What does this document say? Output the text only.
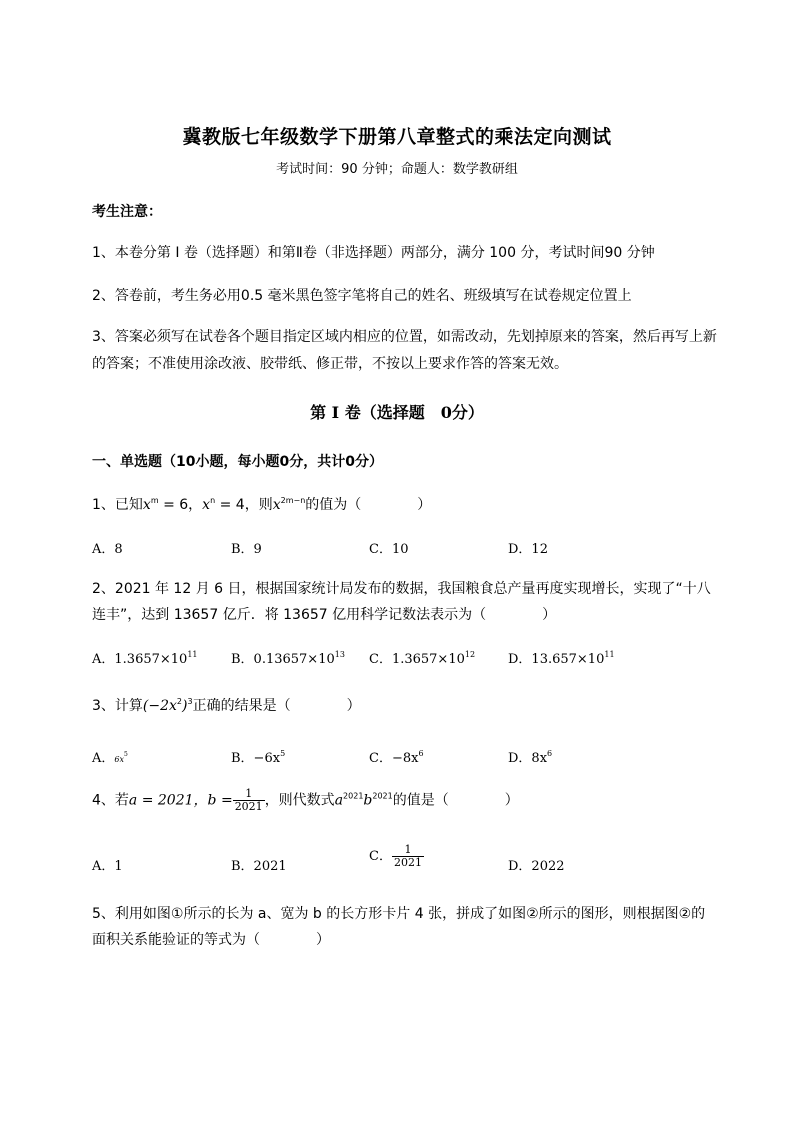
冀教版七年级数学下册第八章整式的乘法定向测试
考试时间：90 分钟；命题人：数学教研组
考生注意：
1、本卷分第 I 卷（选择题）和第Ⅱ卷（非选择题）两部分，满分 100 分，考试时间90 分钟
2、答卷前，考生务必用0.5 毫米黑色签字笔将自己的姓名、班级填写在试卷规定位置上
3、答案必须写在试卷各个题目指定区域内相应的位置，如需改动，先划掉原来的答案，然后再写上新
的答案；不准使用涂改液、胶带纸、修正带，不按以上要求作答的答案无效。
第 I 卷（选择题　0分）
一、单选题（10小题，每小题0分，共计0分）
1、已知$x^m = 6$，$x^n = 4$，则$x^{2m-n}$的值为（　　　　）
A．8	B．9	C．10	D．12
2、2021 年 12 月 6 日，根据国家统计局发布的数据，我国粮食总产量再度实现增长，实现了“十八
连丰”，达到 13657 亿斤．将 13657 亿用科学记数法表示为（　　　　）
A．$1.3657\times 10^{11}$	B．$0.13657\times 10^{13}$ C．$1.3657\times 10^{12}$	D．$13.657\times 10^{11}$
3、计算$(-2x^2)^3$正确的结果是（　　　　）
A．$6x^5$	B．$-6x^5$	C．$-8x^6$	D．$8x^6$
4、若a = 2021，$b = \frac{1}{2021}$ ，则代数式$a^{2021}b^{2021}$的值是（　　　　）
A．1	B．2021
C． $\frac{1}{2021}$	D．2022
5、利用如图①所示的长为 a、宽为 b 的长方形卡片 4 张，拼成了如图②所示的图形，则根据图②的
面积关系能验证的等式为（　　　　）
